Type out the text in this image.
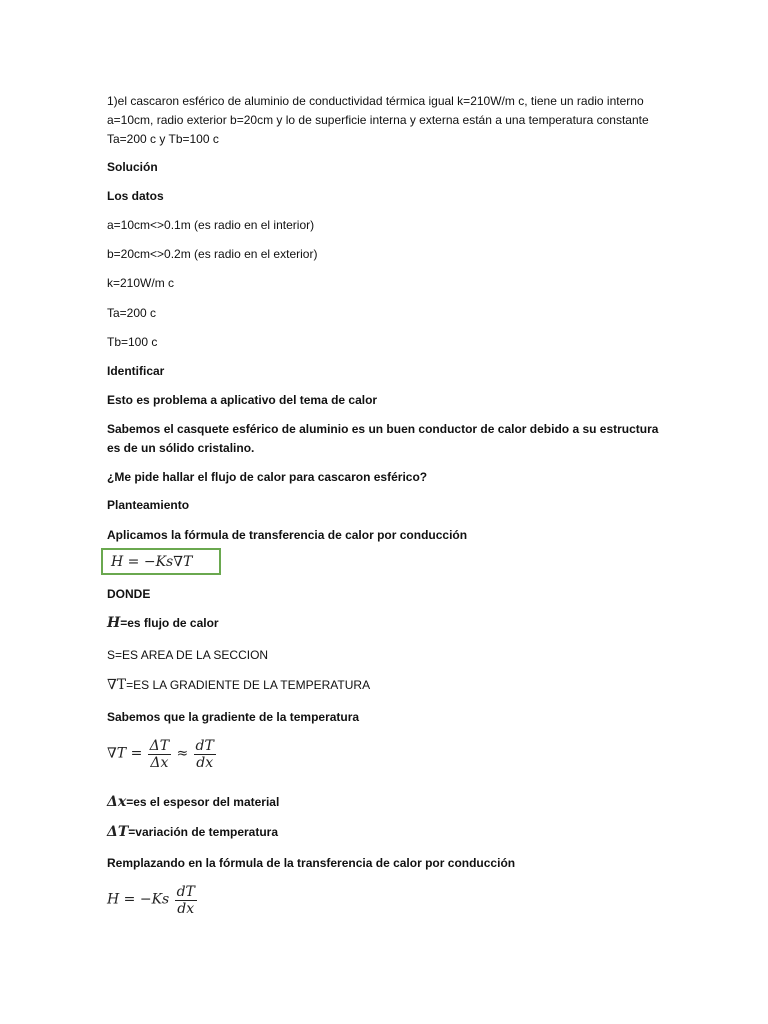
1)el cascaron esférico de aluminio de conductividad térmica igual k=210W/m c, tiene un radio interno a=10cm, radio exterior b=20cm y lo de superficie interna y externa están a una temperatura constante Ta=200 c y Tb=100 c

Solución

Los datos

a=10cm<>0.1m (es radio en el interior)

b=20cm<>0.2m (es radio en el exterior)

k=210W/m c

Ta=200 c

Tb=100 c

Identificar

Esto es problema a aplicativo del tema de calor

Sabemos el casquete esférico de aluminio es un buen conductor de calor debido a su estructura es de un sólido cristalino.

¿Me pide hallar el flujo de calor para cascaron esférico?

Planteamiento

Aplicamos la fórmula de transferencia de calor por conducción

H = −Ks∇T

DONDE

H=es flujo de calor

S=ES AREA DE LA SECCION

∇T=ES LA GRADIENTE DE LA TEMPERATURA

Sabemos que la gradiente de la temperatura

$\nabla T = \frac{\Delta T}{\Delta x} \approx \frac{dT}{dx}$

Δx=es el espesor del material

ΔT=variación de temperatura

Remplazando en la fórmula de la transferencia de calor por conducción

$H = -Ks \frac{dT}{dx}$
